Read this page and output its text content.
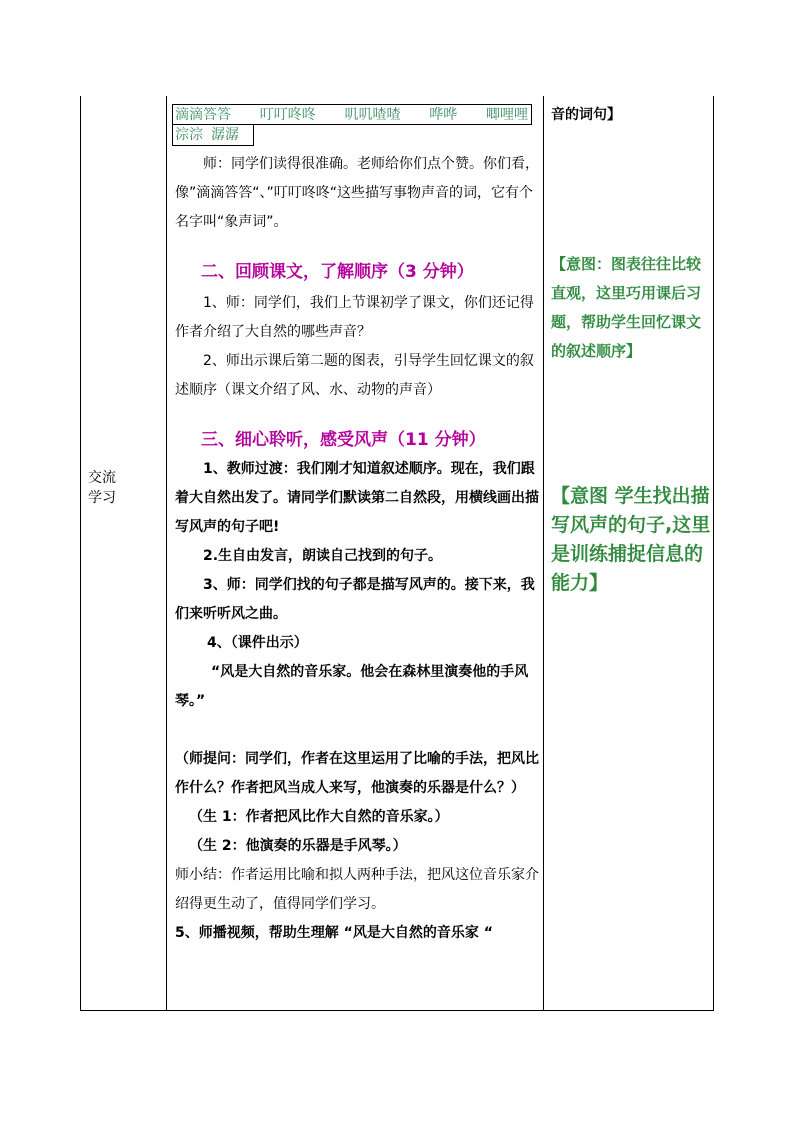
交流
学习
滴滴答答 叮叮咚咚 叽叽喳喳 哗哗 唧哩哩
淙淙 潺潺

师：同学们读得很准确。老师给你们点个赞。你们看，像”滴滴答答“、”叮叮咚咚“这些描写事物声音的词，它有个名字叫“象声词”。

二、回顾课文，了解顺序（3 分钟）

1、师：同学们，我们上节课初学了课文，你们还记得作者介绍了大自然的哪些声音？

2、师出示课后第二题的图表，引导学生回忆课文的叙述顺序（课文介绍了风、水、动物的声音）

三、细心聆听，感受风声（11 分钟）

1、教师过渡：我们刚才知道叙述顺序。现在，我们跟着大自然出发了。请同学们默读第二自然段，用横线画出描写风声的句子吧!

2.生自由发言，朗读自己找到的句子。

3、师：同学们找的句子都是描写风声的。接下来，我们来听听风之曲。

4、（课件出示）

“风是大自然的音乐家。他会在森林里演奏他的手风琴。”

（师提问：同学们，作者在这里运用了比喻的手法，把风比作什么？作者把风当成人来写，他演奏的乐器是什么？）

（生 1：作者把风比作大自然的音乐家。）

（生 2：他演奏的乐器是手风琴。）

师小结：作者运用比喻和拟人两种手法，把风这位音乐家介绍得更生动了，值得同学们学习。

5、师播视频，帮助生理解 “风是大自然的音乐家 “

音的词句】
【意图：图表往往比较直观，这里巧用课后习题，帮助学生回忆课文的叙述顺序】
【意图 学生找出描写风声的句子,这里是训练捕捉信息的能力】
